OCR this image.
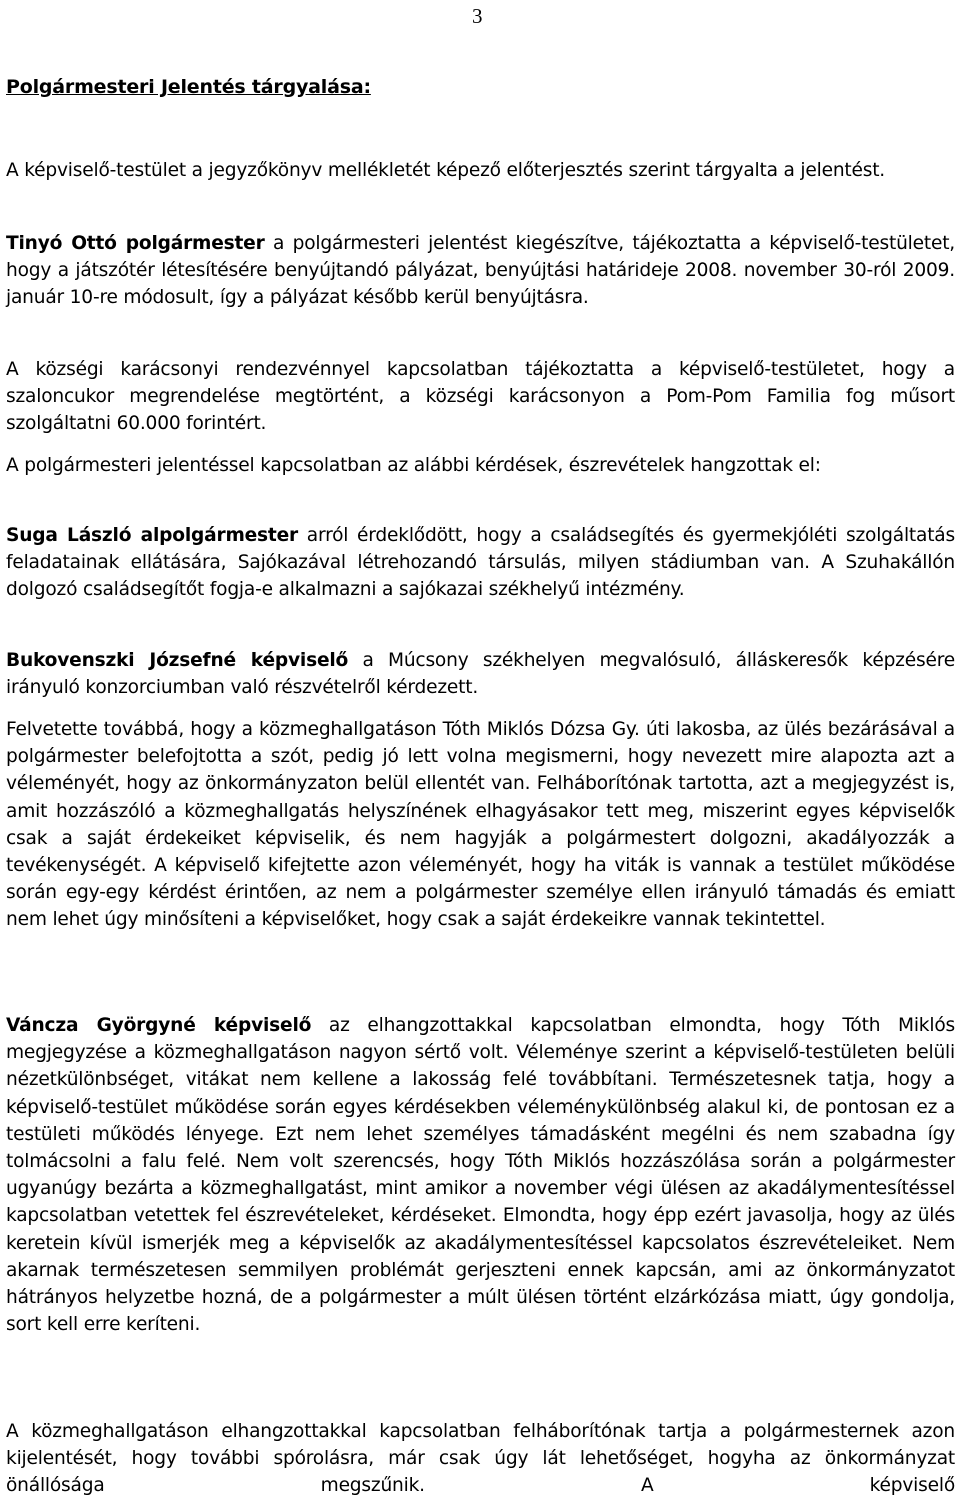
3
Polgármesteri Jelentés tárgyalása:

A képviselő-testület a jegyzőkönyv mellékletét képező előterjesztés szerint tárgyalta a jelentést.

Tinyó Ottó polgármester a polgármesteri jelentést kiegészítve, tájékoztatta a képviselő-testületet, hogy a játszótér létesítésére benyújtandó pályázat, benyújtási határideje 2008. november 30-ról 2009. január 10-re módosult, így a pályázat később kerül benyújtásra.

A községi karácsonyi rendezvénnyel kapcsolatban tájékoztatta a képviselő-testületet, hogy a szaloncukor megrendelése megtörtént, a községi karácsonyon a Pom-Pom Familia fog műsort szolgáltatni 60.000 forintért.

A polgármesteri jelentéssel kapcsolatban az alábbi kérdések, észrevételek hangzottak el:

Suga László alpolgármester arról érdeklődött, hogy a családsegítés és gyermekjóléti szolgáltatás feladatainak ellátására, Sajókazával létrehozandó társulás, milyen stádiumban van. A Szuhakállón dolgozó családsegítőt fogja-e alkalmazni a sajókazai székhelyű intézmény.

Bukovenszki Józsefné képviselő a Múcsony székhelyen megvalósuló, álláskeresők képzésére irányuló konzorciumban való részvételről kérdezett.

Felvetette továbbá, hogy a közmeghallgatáson Tóth Miklós Dózsa Gy. úti lakosba, az ülés bezárásával a polgármester belefojtotta a szót, pedig jó lett volna megismerni, hogy nevezett mire alapozta azt a véleményét, hogy az önkormányzaton belül ellentét van. Felháborítónak tartotta, azt a megjegyzést is, amit hozzászóló a közmeghallgatás helyszínének elhagyásakor tett meg, miszerint egyes képviselők csak a saját érdekeiket képviselik, és nem hagyják a polgármestert dolgozni, akadályozzák a tevékenységét. A képviselő kifejtette azon véleményét, hogy ha viták is vannak a testület működése során egy-egy kérdést érintően, az nem a polgármester személye ellen irányuló támadás és emiatt nem lehet úgy minősíteni a képviselőket, hogy csak a saját érdekeikre vannak tekintettel.

Váncza Györgyné képviselő az elhangzottakkal kapcsolatban elmondta, hogy Tóth Miklós megjegyzése a közmeghallgatáson nagyon sértő volt. Véleménye szerint a képviselő-testületen belüli nézetkülönbséget, vitákat nem kellene a lakosság felé továbbítani. Természetesnek tatja, hogy a képviselő-testület működése során egyes kérdésekben véleménykülönbség alakul ki, de pontosan ez a testületi működés lényege. Ezt nem lehet személyes támadásként megélni és nem szabadna így tolmácsolni a falu felé. Nem volt szerencsés, hogy Tóth Miklós hozzászólása során a polgármester ugyanúgy bezárta a közmeghallgatást, mint amikor a november végi ülésen az akadálymentesítéssel kapcsolatban vetettek fel észrevételeket, kérdéseket. Elmondta, hogy épp ezért javasolja, hogy az ülés keretein kívül ismerjék meg a képviselők az akadálymentesítéssel kapcsolatos észrevételeiket. Nem akarnak természetesen semmilyen problémát gerjeszteni ennek kapcsán, ami az önkormányzatot hátrányos helyzetbe hozná, de a polgármester a múlt ülésen történt elzárkózása miatt, úgy gondolja, sort kell erre keríteni.

A közmeghallgatáson elhangzottakkal kapcsolatban felháborítónak tartja a polgármesternek azon kijelentését, hogy további spórolásra, már csak úgy lát lehetőséget, hogyha az önkormányzat önállósága megszűnik. A képviselő
